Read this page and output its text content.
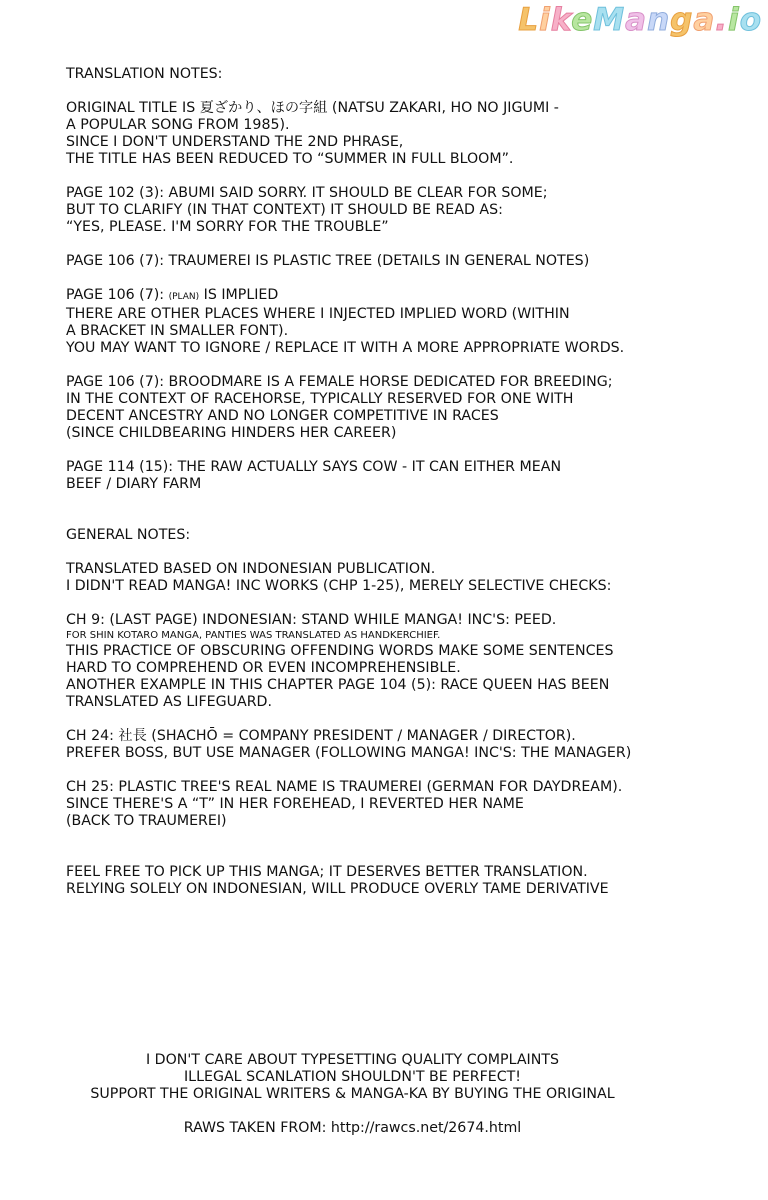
LikeManga.io
TRANSLATION NOTES:
ORIGINAL TITLE IS 夏ざかり、ほの字組 (NATSU ZAKARI, HO NO JIGUMI -
A POPULAR SONG FROM 1985).
SINCE I DON'T UNDERSTAND THE 2ND PHRASE,
THE TITLE HAS BEEN REDUCED TO “SUMMER IN FULL BLOOM”.
PAGE 102 (3): ABUMI SAID SORRY. IT SHOULD BE CLEAR FOR SOME;
BUT TO CLARIFY (IN THAT CONTEXT) IT SHOULD BE READ AS:
“YES, PLEASE. I'M SORRY FOR THE TROUBLE”
PAGE 106 (7): TRAUMEREI IS PLASTIC TREE (DETAILS IN GENERAL NOTES)
PAGE 106 (7): (PLAN) IS IMPLIED
THERE ARE OTHER PLACES WHERE I INJECTED IMPLIED WORD (WITHIN
A BRACKET IN SMALLER FONT).
YOU MAY WANT TO IGNORE / REPLACE IT WITH A MORE APPROPRIATE WORDS.
PAGE 106 (7): BROODMARE IS A FEMALE HORSE DEDICATED FOR BREEDING;
IN THE CONTEXT OF RACEHORSE, TYPICALLY RESERVED FOR ONE WITH
DECENT ANCESTRY AND NO LONGER COMPETITIVE IN RACES
(SINCE CHILDBEARING HINDERS HER CAREER)
PAGE 114 (15): THE RAW ACTUALLY SAYS COW - IT CAN EITHER MEAN
BEEF / DIARY FARM
GENERAL NOTES:
TRANSLATED BASED ON INDONESIAN PUBLICATION.
I DIDN'T READ MANGA! INC WORKS (CHP 1-25), MERELY SELECTIVE CHECKS:
CH 9: (LAST PAGE) INDONESIAN: STAND WHILE MANGA! INC'S: PEED.
FOR SHIN KOTARO MANGA, PANTIES WAS TRANSLATED AS HANDKERCHIEF.
THIS PRACTICE OF OBSCURING OFFENDING WORDS MAKE SOME SENTENCES
HARD TO COMPREHEND OR EVEN INCOMPREHENSIBLE.
ANOTHER EXAMPLE IN THIS CHAPTER PAGE 104 (5): RACE QUEEN HAS BEEN
TRANSLATED AS LIFEGUARD.
CH 24: 社長 (SHACHŌ = COMPANY PRESIDENT / MANAGER / DIRECTOR).
PREFER BOSS, BUT USE MANAGER (FOLLOWING MANGA! INC'S: THE MANAGER)
CH 25: PLASTIC TREE'S REAL NAME IS TRAUMEREI (GERMAN FOR DAYDREAM).
SINCE THERE'S A “T” IN HER FOREHEAD, I REVERTED HER NAME
(BACK TO TRAUMEREI)
FEEL FREE TO PICK UP THIS MANGA; IT DESERVES BETTER TRANSLATION.
RELYING SOLELY ON INDONESIAN, WILL PRODUCE OVERLY TAME DERIVATIVE
I DON'T CARE ABOUT TYPESETTING QUALITY COMPLAINTS
ILLEGAL SCANLATION SHOULDN'T BE PERFECT!
SUPPORT THE ORIGINAL WRITERS & MANGA-KA BY BUYING THE ORIGINAL
RAWS TAKEN FROM: http://rawcs.net/2674.html
